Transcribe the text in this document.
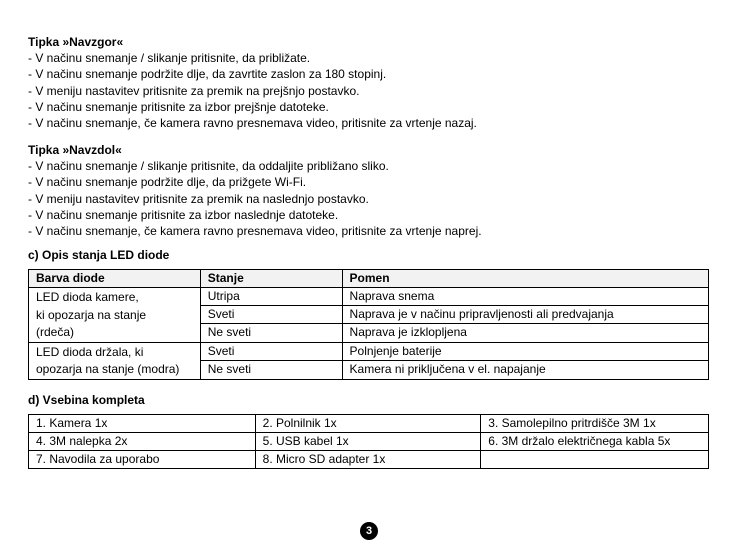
Tipka »Navzgor«
- V načinu snemanje / slikanje pritisnite, da približate.
- V načinu snemanje podržite dlje, da zavrtite zaslon za 180 stopinj.
- V meniju nastavitev pritisnite za premik na prejšnjo postavko.
- V načinu snemanje pritisnite za izbor prejšnje datoteke.
- V načinu snemanje, če kamera ravno presnemava video, pritisnite za vrtenje nazaj.
Tipka »Navzdol«
- V načinu snemanje / slikanje pritisnite, da oddaljite približano sliko.
- V načinu snemanje podržite dlje, da prižgete Wi-Fi.
- V meniju nastavitev pritisnite za premik na naslednjo postavko.
- V načinu snemanje pritisnite za izbor naslednje datoteke.
- V načinu snemanje, če kamera ravno presnemava video, pritisnite za vrtenje naprej.
c) Opis stanja LED diode
Barva diode	Stanje	Pomen

LED dioda kamere,
ki opozarja na stanje
(rdeča)	Utripa	Naprava snema
	Sveti	Naprava je v načinu pripravljenosti ali predvajanja
	Ne sveti	Naprava je izklopljena

LED dioda držala, ki
opozarja na stanje (modra)	Sveti	Polnjenje baterije
	Ne sveti	Kamera ni priključena v el. napajanje
d) Vsebina kompleta
1. Kamera 1x	2. Polnilnik 1x	3. Samolepilno pritrdišče 3M 1x
4. 3M nalepka 2x	5. USB kabel 1x	6. 3M držalo električnega kabla 5x
7. Navodila za uporabo	8. Micro SD adapter 1x	
3
